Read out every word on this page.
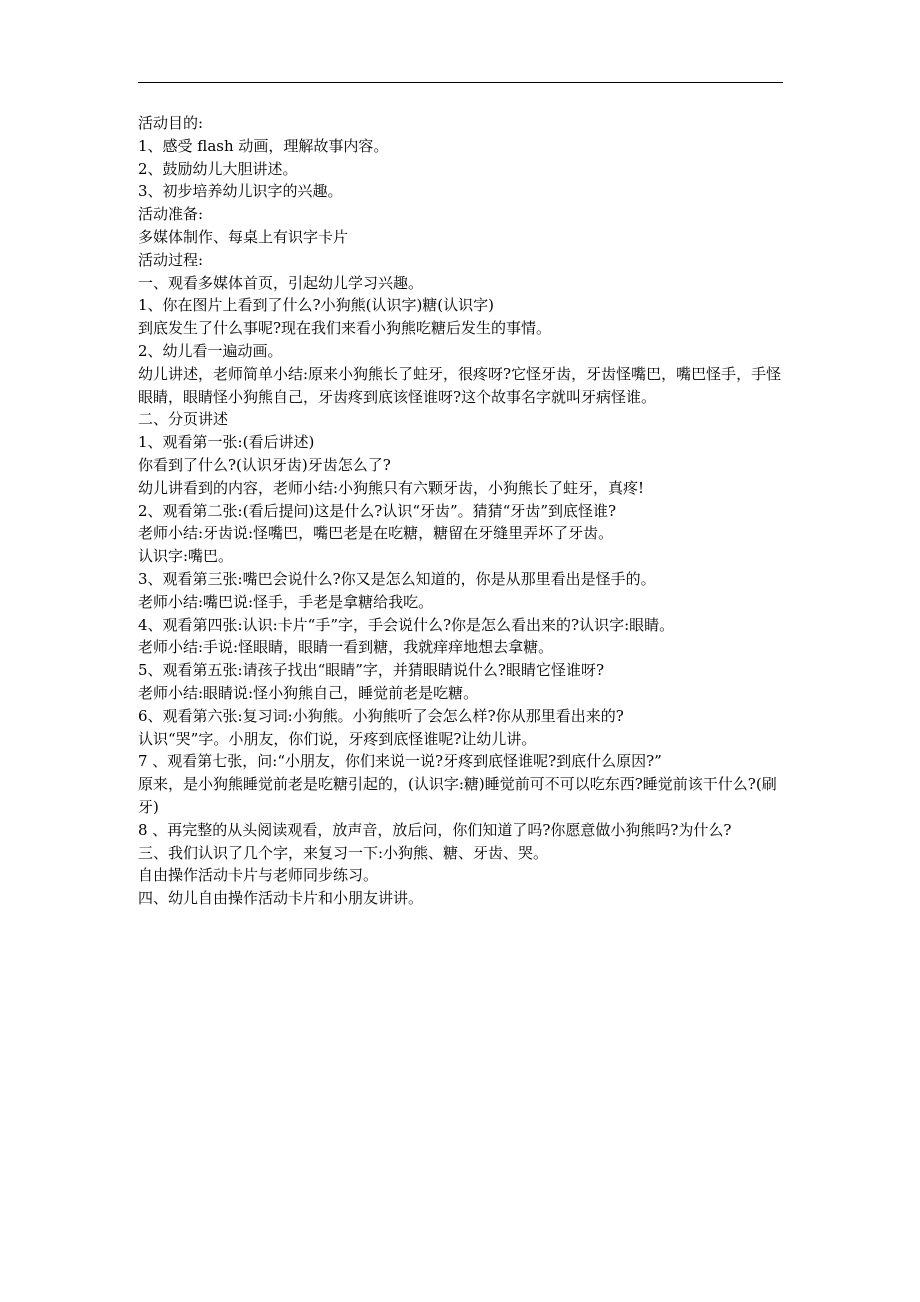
活动目的:
1、感受 flash 动画，理解故事内容。
2、鼓励幼儿大胆讲述。
3、初步培养幼儿识字的兴趣。
活动准备:
多媒体制作、每桌上有识字卡片
活动过程:
一、观看多媒体首页，引起幼儿学习兴趣。
1、你在图片上看到了什么?小狗熊(认识字)糖(认识字)
到底发生了什么事呢?现在我们来看小狗熊吃糖后发生的事情。
2、幼儿看一遍动画。
幼儿讲述，老师简单小结:原来小狗熊长了蛀牙，很疼呀?它怪牙齿，牙齿怪嘴巴，嘴巴怪手，手怪眼睛，眼睛怪小狗熊自己，牙齿疼到底该怪谁呀?这个故事名字就叫牙病怪谁。
二、分页讲述
1、观看第一张:(看后讲述)
你看到了什么?(认识牙齿)牙齿怎么了?
幼儿讲看到的内容，老师小结:小狗熊只有六颗牙齿，小狗熊长了蛀牙，真疼!
2、观看第二张:(看后提问)这是什么?认识“牙齿”。猜猜“牙齿”到底怪谁?
老师小结:牙齿说:怪嘴巴，嘴巴老是在吃糖，糖留在牙缝里弄坏了牙齿。
认识字:嘴巴。
3、观看第三张:嘴巴会说什么?你又是怎么知道的，你是从那里看出是怪手的。
老师小结:嘴巴说:怪手，手老是拿糖给我吃。
4、观看第四张:认识:卡片“手”字，手会说什么?你是怎么看出来的?认识字:眼睛。
老师小结:手说:怪眼睛，眼睛一看到糖，我就痒痒地想去拿糖。
5、观看第五张:请孩子找出“眼睛”字，并猜眼睛说什么?眼睛它怪谁呀?
老师小结:眼睛说:怪小狗熊自己，睡觉前老是吃糖。
6、观看第六张:复习词:小狗熊。小狗熊听了会怎么样?你从那里看出来的?
认识“哭”字。小朋友，你们说，牙疼到底怪谁呢?让幼儿讲。
7 、观看第七张，问:“小朋友，你们来说一说?牙疼到底怪谁呢?到底什么原因?”
原来，是小狗熊睡觉前老是吃糖引起的，(认识字:糖)睡觉前可不可以吃东西?睡觉前该干什么?(刷牙)
8 、再完整的从头阅读观看，放声音，放后问，你们知道了吗?你愿意做小狗熊吗?为什么?
三、我们认识了几个字，来复习一下:小狗熊、糖、牙齿、哭。
自由操作活动卡片与老师同步练习。
四、幼儿自由操作活动卡片和小朋友讲讲。
